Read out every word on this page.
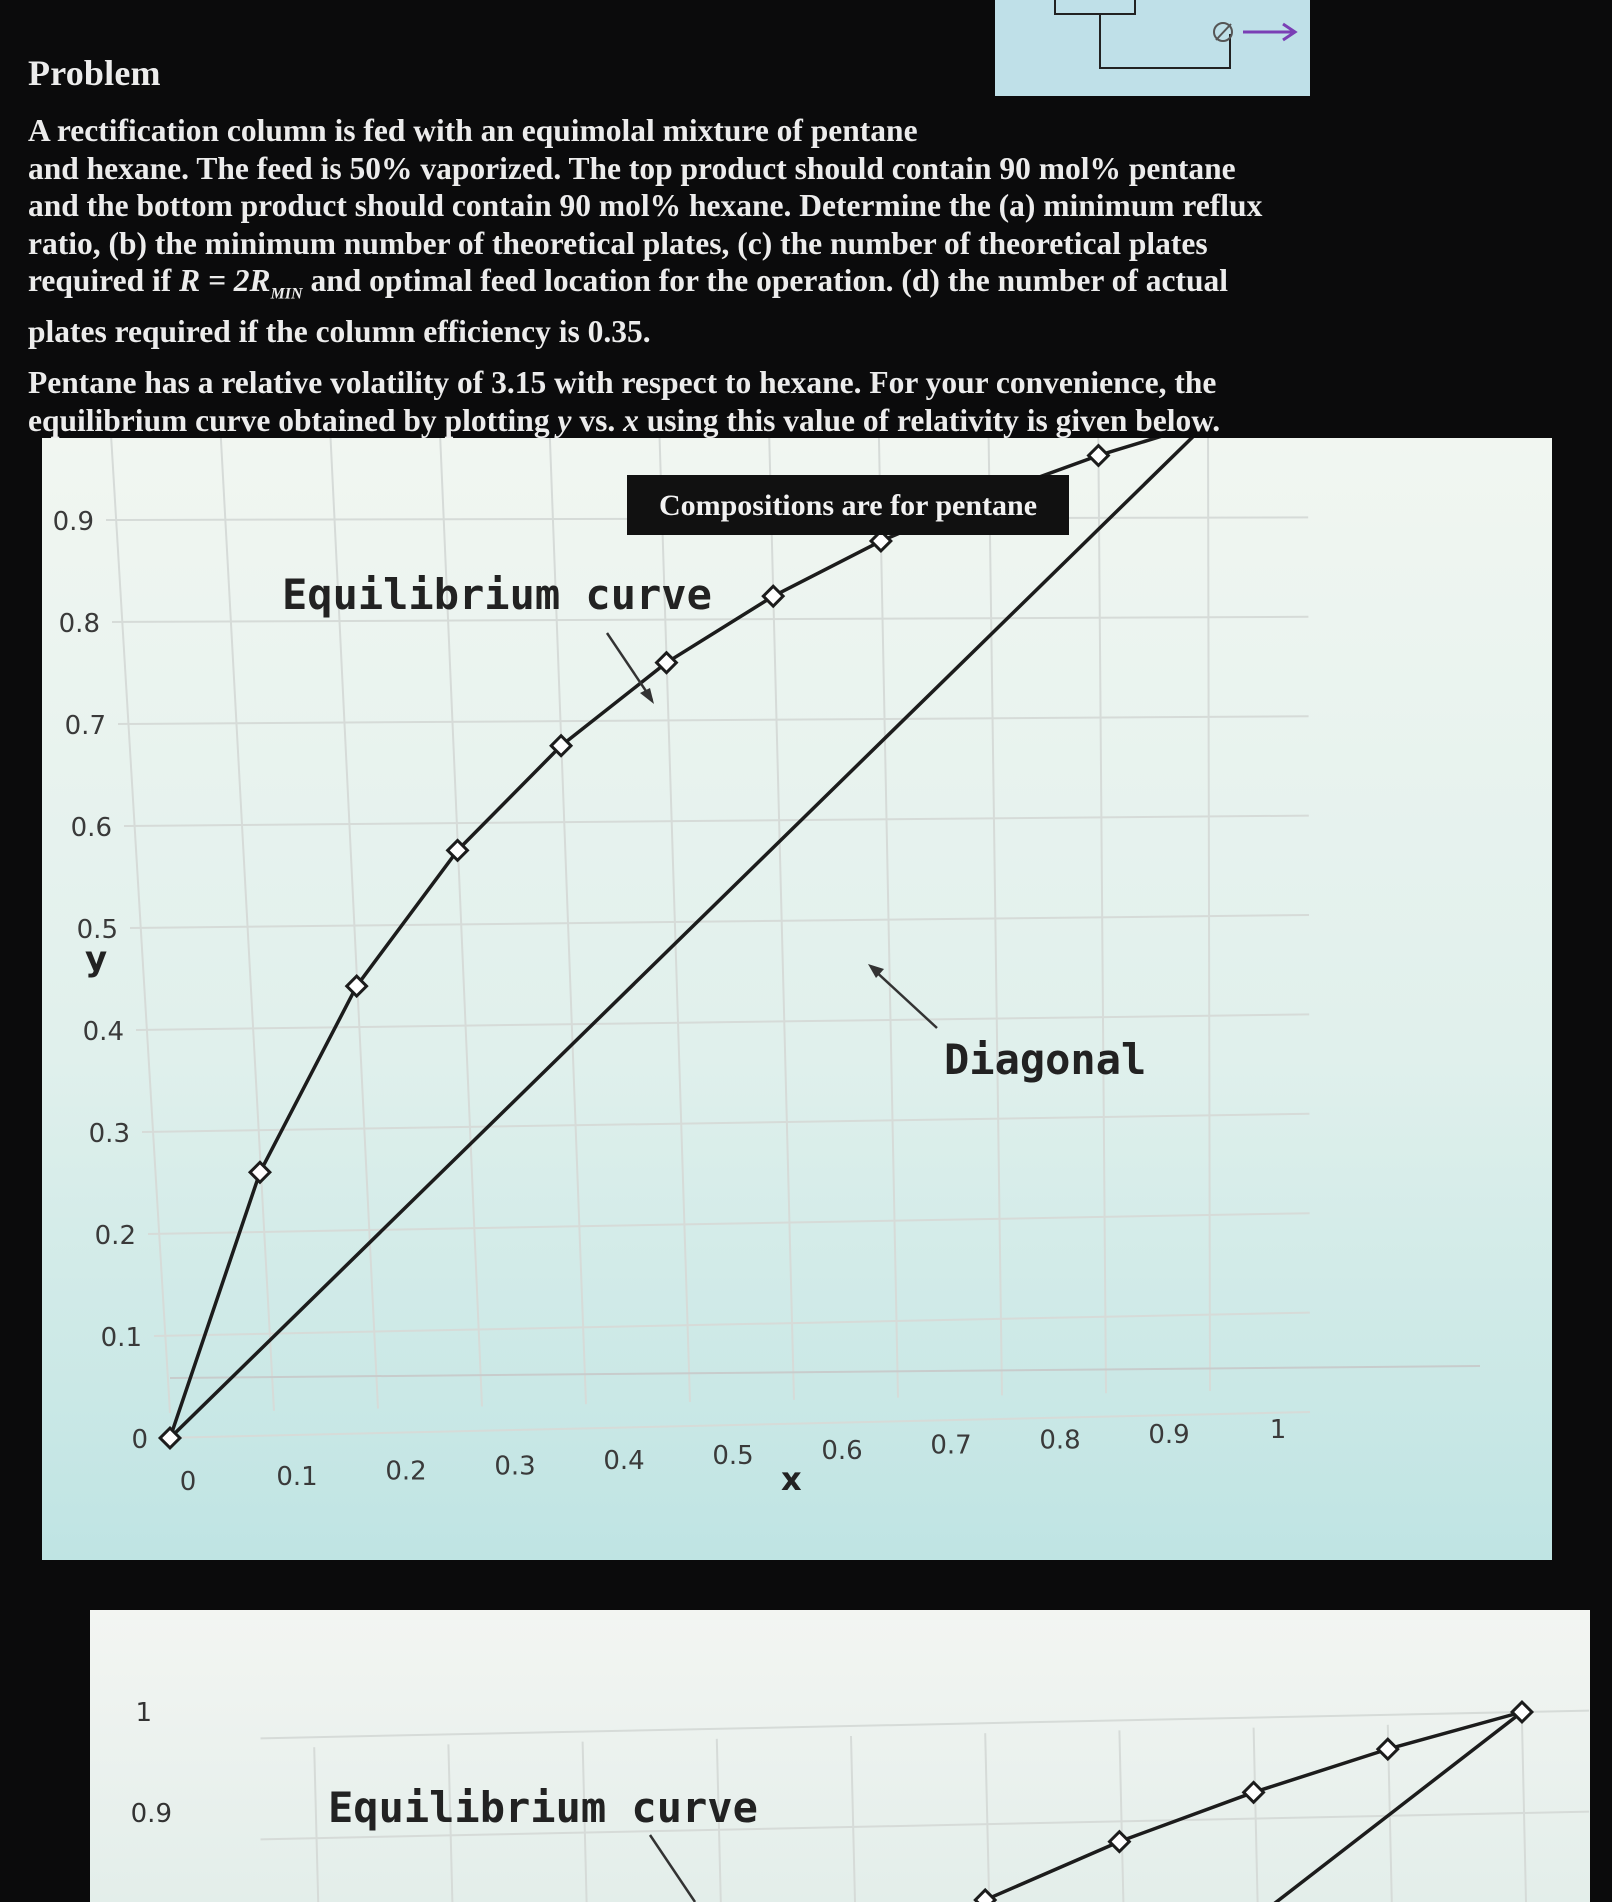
Problem
A rectification column is fed with an equimolal mixture of pentane
and hexane. The feed is 50% vaporized. The top product should contain 90 mol% pentane
and the bottom product should contain 90 mol% hexane. Determine the (a) minimum reflux
ratio, (b) the minimum number of theoretical plates, (c) the number of theoretical plates
required if $R = 2R_{MIN}$ and optimal feed location for the operation. (d) the number of actual
plates required if the column efficiency is 0.35.
Pentane has a relative volatility of 3.15 with respect to hexane. For your convenience, the
equilibrium curve obtained by plotting y vs. x using this value of relativity is given below.
0
0.1
0.2
0.3
0.4
0.5
0.6
0.7
0.8
0.9
0	0.1	0.2	0.3	0.4	0.5	0.6	0.7	0.8	0.9	1
Compositions are for pentane
Equilibrium curve
Diagonal
y
x
1
0.9	Equilibrium curve
